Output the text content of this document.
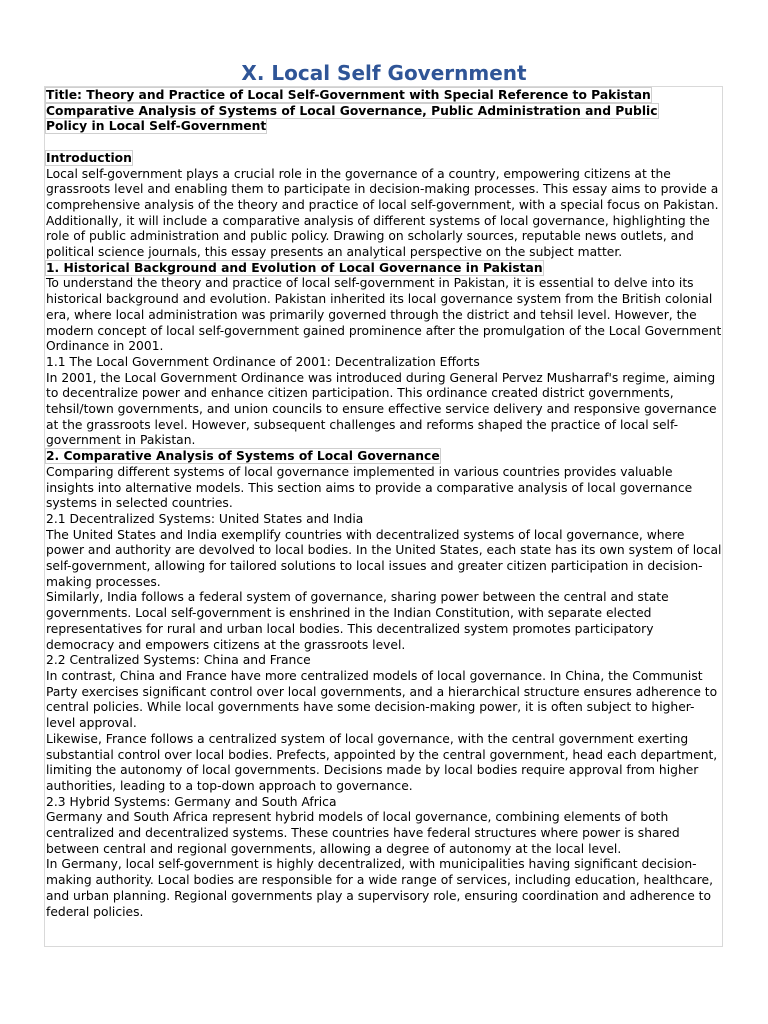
X. Local Self Government

Title: Theory and Practice of Local Self-Government with Special Reference to Pakistan

Comparative Analysis of Systems of Local Governance, Public Administration and Public

Policy in Local Self-Government

Introduction

Local self-government plays a crucial role in the governance of a country, empowering citizens at the grassroots level and enabling them to participate in decision-making processes. This essay aims to provide a comprehensive analysis of the theory and practice of local self-government, with a special focus on Pakistan. Additionally, it will include a comparative analysis of different systems of local governance, highlighting the role of public administration and public policy. Drawing on scholarly sources, reputable news outlets, and political science journals, this essay presents an analytical perspective on the subject matter.

1. Historical Background and Evolution of Local Governance in Pakistan

To understand the theory and practice of local self-government in Pakistan, it is essential to delve into its historical background and evolution. Pakistan inherited its local governance system from the British colonial era, where local administration was primarily governed through the district and tehsil level. However, the modern concept of local self-government gained prominence after the promulgation of the Local Government Ordinance in 2001.

1.1 The Local Government Ordinance of 2001: Decentralization Efforts

In 2001, the Local Government Ordinance was introduced during General Pervez Musharraf's regime, aiming to decentralize power and enhance citizen participation. This ordinance created district governments, tehsil/town governments, and union councils to ensure effective service delivery and responsive governance at the grassroots level. However, subsequent challenges and reforms shaped the practice of local self-government in Pakistan.

2. Comparative Analysis of Systems of Local Governance

Comparing different systems of local governance implemented in various countries provides valuable insights into alternative models. This section aims to provide a comparative analysis of local governance systems in selected countries.

2.1 Decentralized Systems: United States and India

The United States and India exemplify countries with decentralized systems of local governance, where power and authority are devolved to local bodies. In the United States, each state has its own system of local self-government, allowing for tailored solutions to local issues and greater citizen participation in decision-making processes.

Similarly, India follows a federal system of governance, sharing power between the central and state governments. Local self-government is enshrined in the Indian Constitution, with separate elected representatives for rural and urban local bodies. This decentralized system promotes participatory democracy and empowers citizens at the grassroots level.

2.2 Centralized Systems: China and France

In contrast, China and France have more centralized models of local governance. In China, the Communist Party exercises significant control over local governments, and a hierarchical structure ensures adherence to central policies. While local governments have some decision-making power, it is often subject to higher-level approval.

Likewise, France follows a centralized system of local governance, with the central government exerting substantial control over local bodies. Prefects, appointed by the central government, head each department, limiting the autonomy of local governments. Decisions made by local bodies require approval from higher authorities, leading to a top-down approach to governance.

2.3 Hybrid Systems: Germany and South Africa

Germany and South Africa represent hybrid models of local governance, combining elements of both centralized and decentralized systems. These countries have federal structures where power is shared between central and regional governments, allowing a degree of autonomy at the local level.

In Germany, local self-government is highly decentralized, with municipalities having significant decision-making authority. Local bodies are responsible for a wide range of services, including education, healthcare, and urban planning. Regional governments play a supervisory role, ensuring coordination and adherence to federal policies.
